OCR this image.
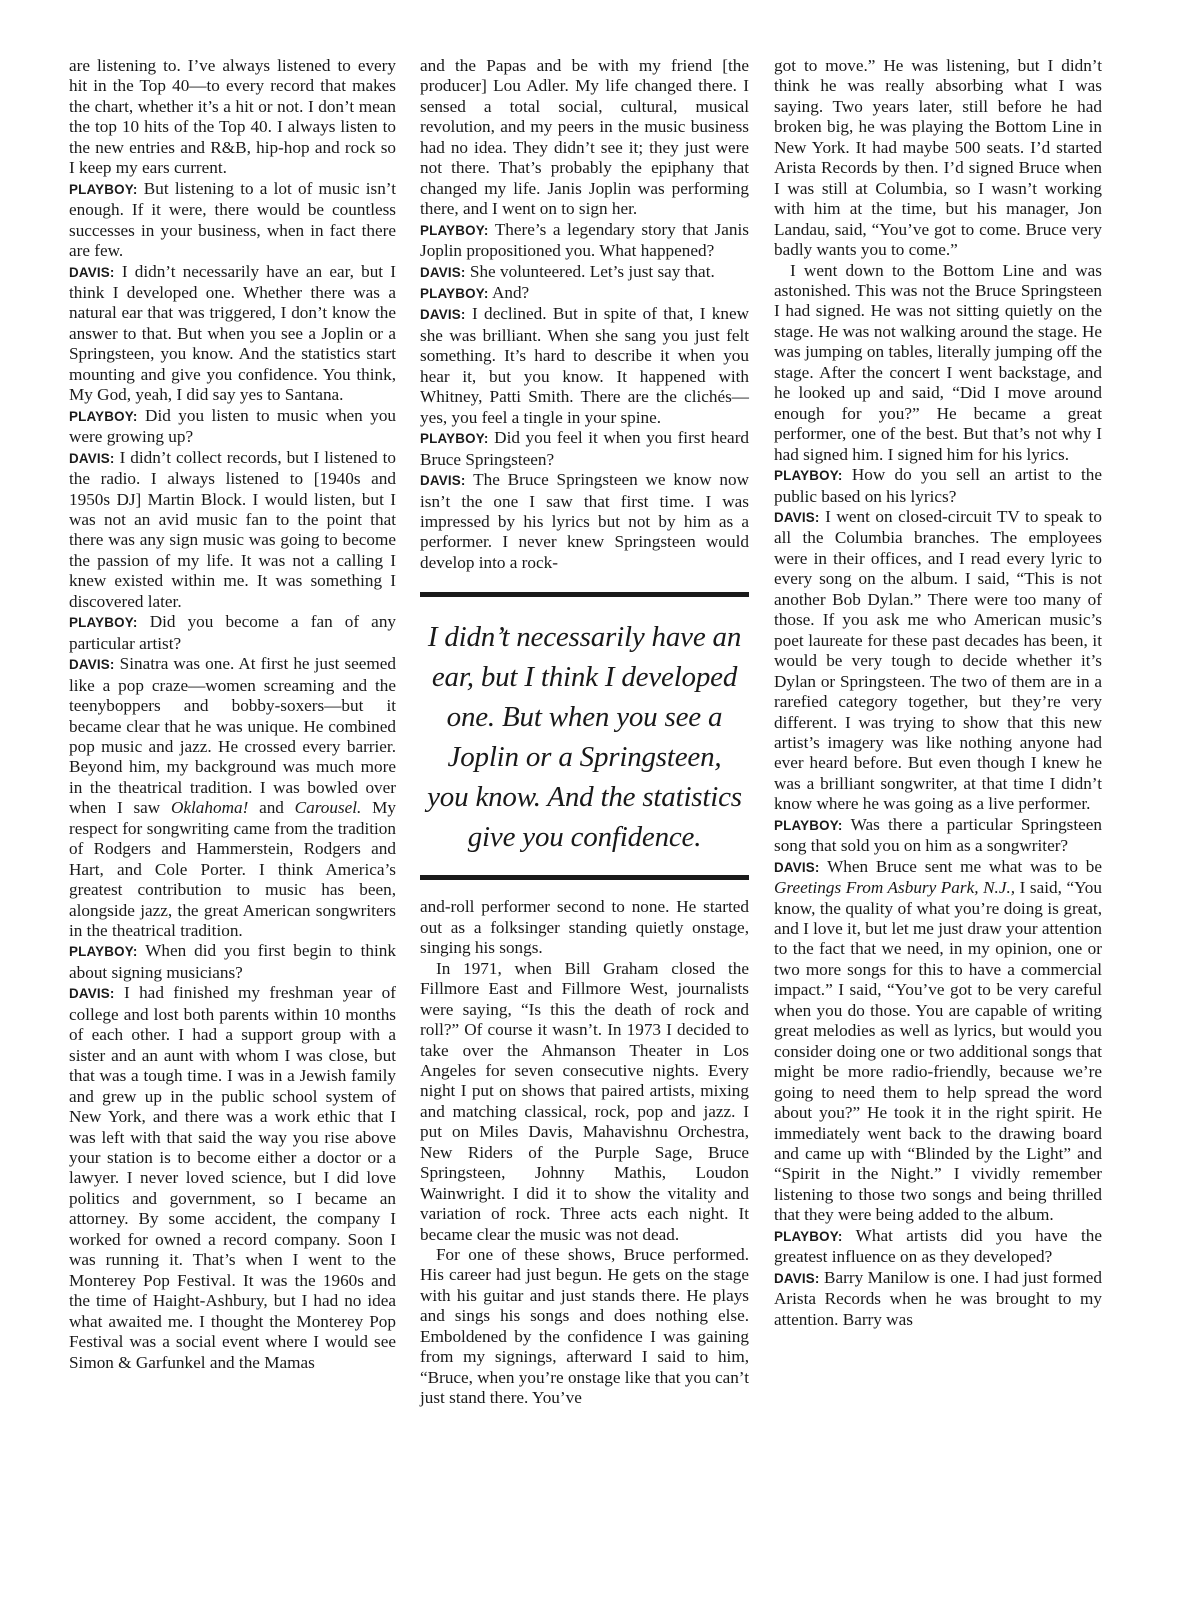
are listening to. I’ve always listened to every hit in the Top 40—to every record that makes the chart, whether it’s a hit or not. I don’t mean the top 10 hits of the Top 40. I always listen to the new entries and R&B, hip-hop and rock so I keep my ears current.

PLAYBOY: But listening to a lot of music isn’t enough. If it were, there would be countless successes in your business, when in fact there are few.

DAVIS: I didn’t necessarily have an ear, but I think I developed one. Whether there was a natural ear that was triggered, I don’t know the answer to that. But when you see a Joplin or a Springsteen, you know. And the statistics start mounting and give you confidence. You think, My God, yeah, I did say yes to Santana.

PLAYBOY: Did you listen to music when you were growing up?

DAVIS: I didn’t collect records, but I listened to the radio. I always listened to [1940s and 1950s DJ] Martin Block. I would listen, but I was not an avid music fan to the point that there was any sign music was going to become the passion of my life. It was not a calling I knew existed within me. It was something I discovered later.

PLAYBOY: Did you become a fan of any particular artist?

DAVIS: Sinatra was one. At first he just seemed like a pop craze—women screaming and the teenyboppers and bobby-soxers—but it became clear that he was unique. He combined pop music and jazz. He crossed every barrier. Beyond him, my background was much more in the theatrical tradition. I was bowled over when I saw Oklahoma! and Carousel. My respect for songwriting came from the tradition of Rodgers and Hammerstein, Rodgers and Hart, and Cole Porter. I think America’s greatest contribution to music has been, alongside jazz, the great American songwriters in the theatrical tradition.

PLAYBOY: When did you first begin to think about signing musicians?

DAVIS: I had finished my freshman year of college and lost both parents within 10 months of each other. I had a support group with a sister and an aunt with whom I was close, but that was a tough time. I was in a Jewish family and grew up in the public school system of New York, and there was a work ethic that I was left with that said the way you rise above your station is to become either a doctor or a lawyer. I never loved science, but I did love politics and government, so I became an attorney. By some accident, the company I worked for owned a record company. Soon I was running it. That’s when I went to the Monterey Pop Festival. It was the 1960s and the time of Haight-Ashbury, but I had no idea what awaited me. I thought the Monterey Pop Festival was a social event where I would see Simon & Garfunkel and the Mamas

and the Papas and be with my friend [the producer] Lou Adler. My life changed there. I sensed a total social, cultural, musical revolution, and my peers in the music business had no idea. They didn’t see it; they just were not there. That’s probably the epiphany that changed my life. Janis Joplin was performing there, and I went on to sign her.

PLAYBOY: There’s a legendary story that Janis Joplin propositioned you. What happened?

DAVIS: She volunteered. Let’s just say that.

PLAYBOY: And?

DAVIS: I declined. But in spite of that, I knew she was brilliant. When she sang you just felt something. It’s hard to describe it when you hear it, but you know. It happened with Whitney, Patti Smith. There are the clichés—yes, you feel a tingle in your spine.

PLAYBOY: Did you feel it when you first heard Bruce Springsteen?

DAVIS: The Bruce Springsteen we know now isn’t the one I saw that first time. I was impressed by his lyrics but not by him as a performer. I never knew Springsteen would develop into a rock-

I didn’t necessarily have an ear, but I think I developed one. But when you see a Joplin or a Springsteen, you know. And the statistics give you confidence.

and-roll performer second to none. He started out as a folksinger standing quietly onstage, singing his songs.

In 1971, when Bill Graham closed the Fillmore East and Fillmore West, journalists were saying, “Is this the death of rock and roll?” Of course it wasn’t. In 1973 I decided to take over the Ahmanson Theater in Los Angeles for seven consecutive nights. Every night I put on shows that paired artists, mixing and matching classical, rock, pop and jazz. I put on Miles Davis, Mahavishnu Orchestra, New Riders of the Purple Sage, Bruce Springsteen, Johnny Mathis, Loudon Wainwright. I did it to show the vitality and variation of rock. Three acts each night. It became clear the music was not dead.

For one of these shows, Bruce performed. His career had just begun. He gets on the stage with his guitar and just stands there. He plays and sings his songs and does nothing else. Emboldened by the confidence I was gaining from my signings, afterward I said to him, “Bruce, when you’re onstage like that you can’t just stand there. You’ve

got to move.” He was listening, but I didn’t think he was really absorbing what I was saying. Two years later, still before he had broken big, he was playing the Bottom Line in New York. It had maybe 500 seats. I’d started Arista Records by then. I’d signed Bruce when I was still at Columbia, so I wasn’t working with him at the time, but his manager, Jon Landau, said, “You’ve got to come. Bruce very badly wants you to come.”

I went down to the Bottom Line and was astonished. This was not the Bruce Springsteen I had signed. He was not sitting quietly on the stage. He was not walking around the stage. He was jumping on tables, literally jumping off the stage. After the concert I went backstage, and he looked up and said, “Did I move around enough for you?” He became a great performer, one of the best. But that’s not why I had signed him. I signed him for his lyrics.

PLAYBOY: How do you sell an artist to the public based on his lyrics?

DAVIS: I went on closed-circuit TV to speak to all the Columbia branches. The employees were in their offices, and I read every lyric to every song on the album. I said, “This is not another Bob Dylan.” There were too many of those. If you ask me who American music’s poet laureate for these past decades has been, it would be very tough to decide whether it’s Dylan or Springsteen. The two of them are in a rarefied category together, but they’re very different. I was trying to show that this new artist’s imagery was like nothing anyone had ever heard before. But even though I knew he was a brilliant songwriter, at that time I didn’t know where he was going as a live performer.

PLAYBOY: Was there a particular Springsteen song that sold you on him as a songwriter?

DAVIS: When Bruce sent me what was to be Greetings From Asbury Park, N.J., I said, “You know, the quality of what you’re doing is great, and I love it, but let me just draw your attention to the fact that we need, in my opinion, one or two more songs for this to have a commercial impact.” I said, “You’ve got to be very careful when you do those. You are capable of writing great melodies as well as lyrics, but would you consider doing one or two additional songs that might be more radio-friendly, because we’re going to need them to help spread the word about you?” He took it in the right spirit. He immediately went back to the drawing board and came up with “Blinded by the Light” and “Spirit in the Night.” I vividly remember listening to those two songs and being thrilled that they were being added to the album.

PLAYBOY: What artists did you have the greatest influence on as they developed?

DAVIS: Barry Manilow is one. I had just formed Arista Records when he was brought to my attention. Barry was
